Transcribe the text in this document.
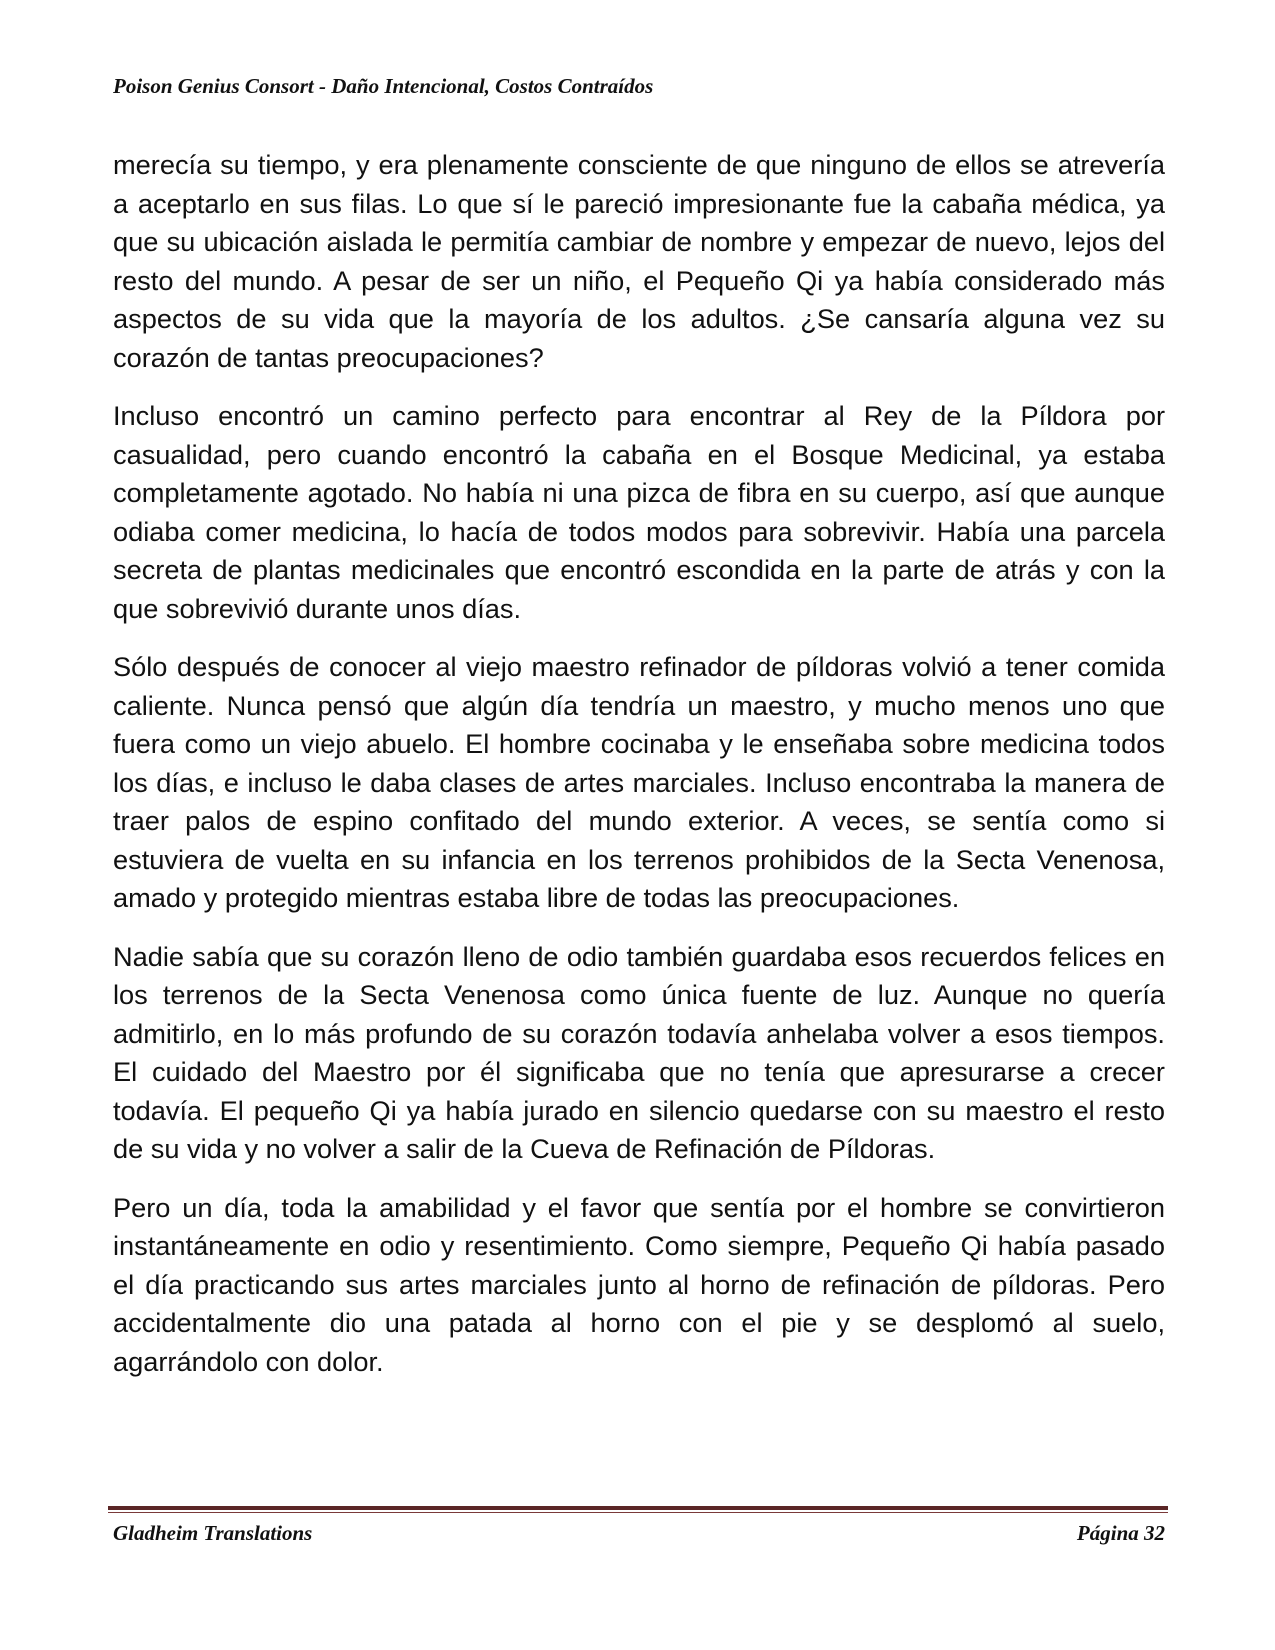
Poison Genius Consort - Daño Intencional, Costos Contraídos

merecía su tiempo, y era plenamente consciente de que ninguno de ellos se atrevería a aceptarlo en sus filas. Lo que sí le pareció impresionante fue la cabaña médica, ya que su ubicación aislada le permitía cambiar de nombre y empezar de nuevo, lejos del resto del mundo. A pesar de ser un niño, el Pequeño Qi ya había considerado más aspectos de su vida que la mayoría de los adultos. ¿Se cansaría alguna vez su corazón de tantas preocupaciones?

Incluso encontró un camino perfecto para encontrar al Rey de la Píldora por casualidad, pero cuando encontró la cabaña en el Bosque Medicinal, ya estaba completamente agotado. No había ni una pizca de fibra en su cuerpo, así que aunque odiaba comer medicina, lo hacía de todos modos para sobrevivir. Había una parcela secreta de plantas medicinales que encontró escondida en la parte de atrás y con la que sobrevivió durante unos días.

Sólo después de conocer al viejo maestro refinador de píldoras volvió a tener comida caliente. Nunca pensó que algún día tendría un maestro, y mucho menos uno que fuera como un viejo abuelo. El hombre cocinaba y le enseñaba sobre medicina todos los días, e incluso le daba clases de artes marciales. Incluso encontraba la manera de traer palos de espino confitado del mundo exterior. A veces, se sentía como si estuviera de vuelta en su infancia en los terrenos prohibidos de la Secta Venenosa, amado y protegido mientras estaba libre de todas las preocupaciones.

Nadie sabía que su corazón lleno de odio también guardaba esos recuerdos felices en los terrenos de la Secta Venenosa como única fuente de luz. Aunque no quería admitirlo, en lo más profundo de su corazón todavía anhelaba volver a esos tiempos. El cuidado del Maestro por él significaba que no tenía que apresurarse a crecer todavía. El pequeño Qi ya había jurado en silencio quedarse con su maestro el resto de su vida y no volver a salir de la Cueva de Refinación de Píldoras.

Pero un día, toda la amabilidad y el favor que sentía por el hombre se convirtieron instantáneamente en odio y resentimiento. Como siempre, Pequeño Qi había pasado el día practicando sus artes marciales junto al horno de refinación de píldoras. Pero accidentalmente dio una patada al horno con el pie y se desplomó al suelo, agarrándolo con dolor.

Gladheim Translations	Página 32
